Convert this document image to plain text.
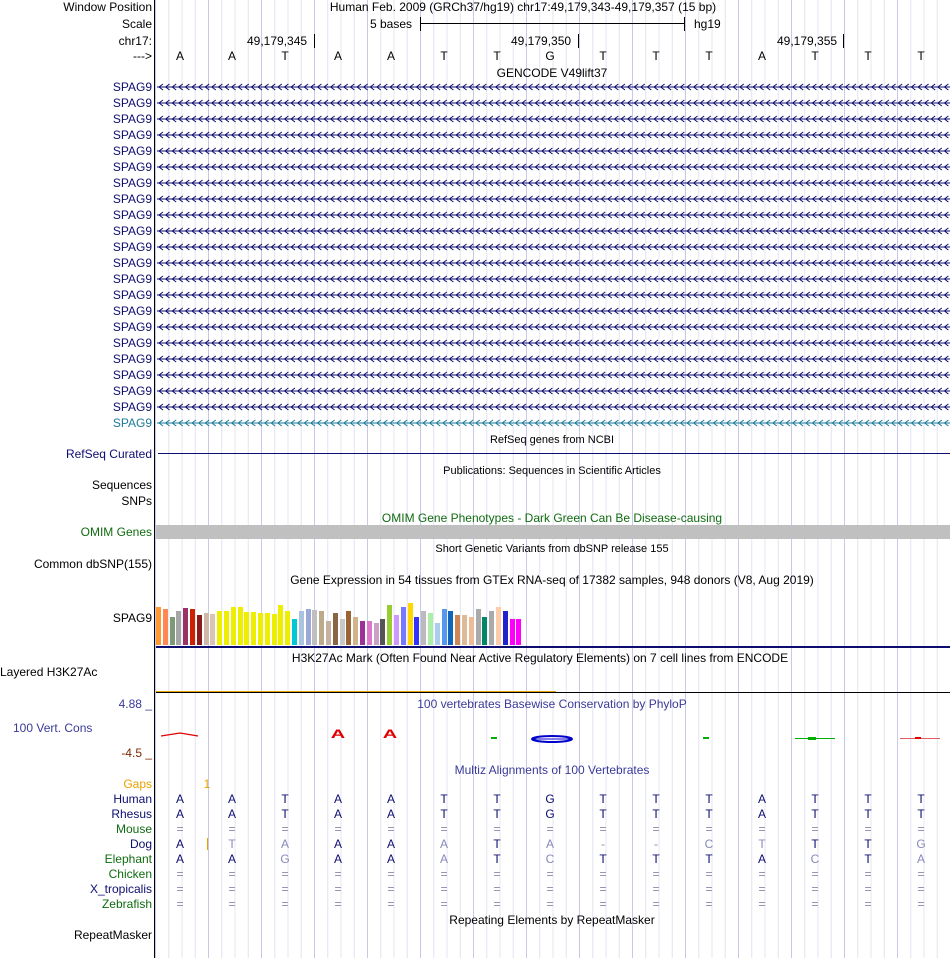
Window Position	Human Feb. 2009 (GRCh37/hg19) chr17:49,179,343-49,179,357 (15 bp)
Scale	5 bases	hg19
chr17:	49,179,345	49,179,350	49,179,355
--->	A	A	T	A	A	T	T	G	T	T	T	A	T	T	T
GENCODE V49lift37
SPAG9
SPAG9
SPAG9
SPAG9
SPAG9
SPAG9
SPAG9
SPAG9
SPAG9
SPAG9
SPAG9
SPAG9
SPAG9
SPAG9
SPAG9
SPAG9
SPAG9
SPAG9
SPAG9
SPAG9
SPAG9
SPAG9
RefSeq genes from NCBI
RefSeq Curated
Publications: Sequences in Scientific Articles
Sequences
SNPs
OMIM Gene Phenotypes - Dark Green Can Be Disease-causing
OMIM Genes
Short Genetic Variants from dbSNP release 155
Common dbSNP(155)
Gene Expression in 54 tissues from GTEx RNA-seq of 17382 samples, 948 donors (V8, Aug 2019)
SPAG9
H3K27Ac Mark (Often Found Near Active Regulatory Elements) on 7 cell lines from ENCODE
Layered H3K27Ac
100 vertebrates Basewise Conservation by PhyloP
4.88 _
100 Vert. Cons
-4.5 _
A A
Multiz Alignments of 100 Vertebrates
Gaps	1
Human	A	A	T	A	A	T	T	G	T	T	T	A	T	T	T
Rhesus	A	A	T	A	A	T	T	G	T	T	T	A	T	T	T
Mouse	=	=	=	=	=	=	=	=	=	=	=	=	=	=	=
Dog	A	T	A	A	A	A	T	A	-	-	C	T	T	T	G
Elephant	A	A	G	A	A	A	T	C	T	T	T	A	C	T	A
Chicken	=	=	=	=	=	=	=	=	=	=	=	=	=	=	=
X_tropicalis	=	=	=	=	=	=	=	=	=	=	=	=	=	=	=
Zebrafish	=	=	=	=	=	=	=	=	=	=	=	=	=	=	=
Repeating Elements by RepeatMasker
RepeatMasker
